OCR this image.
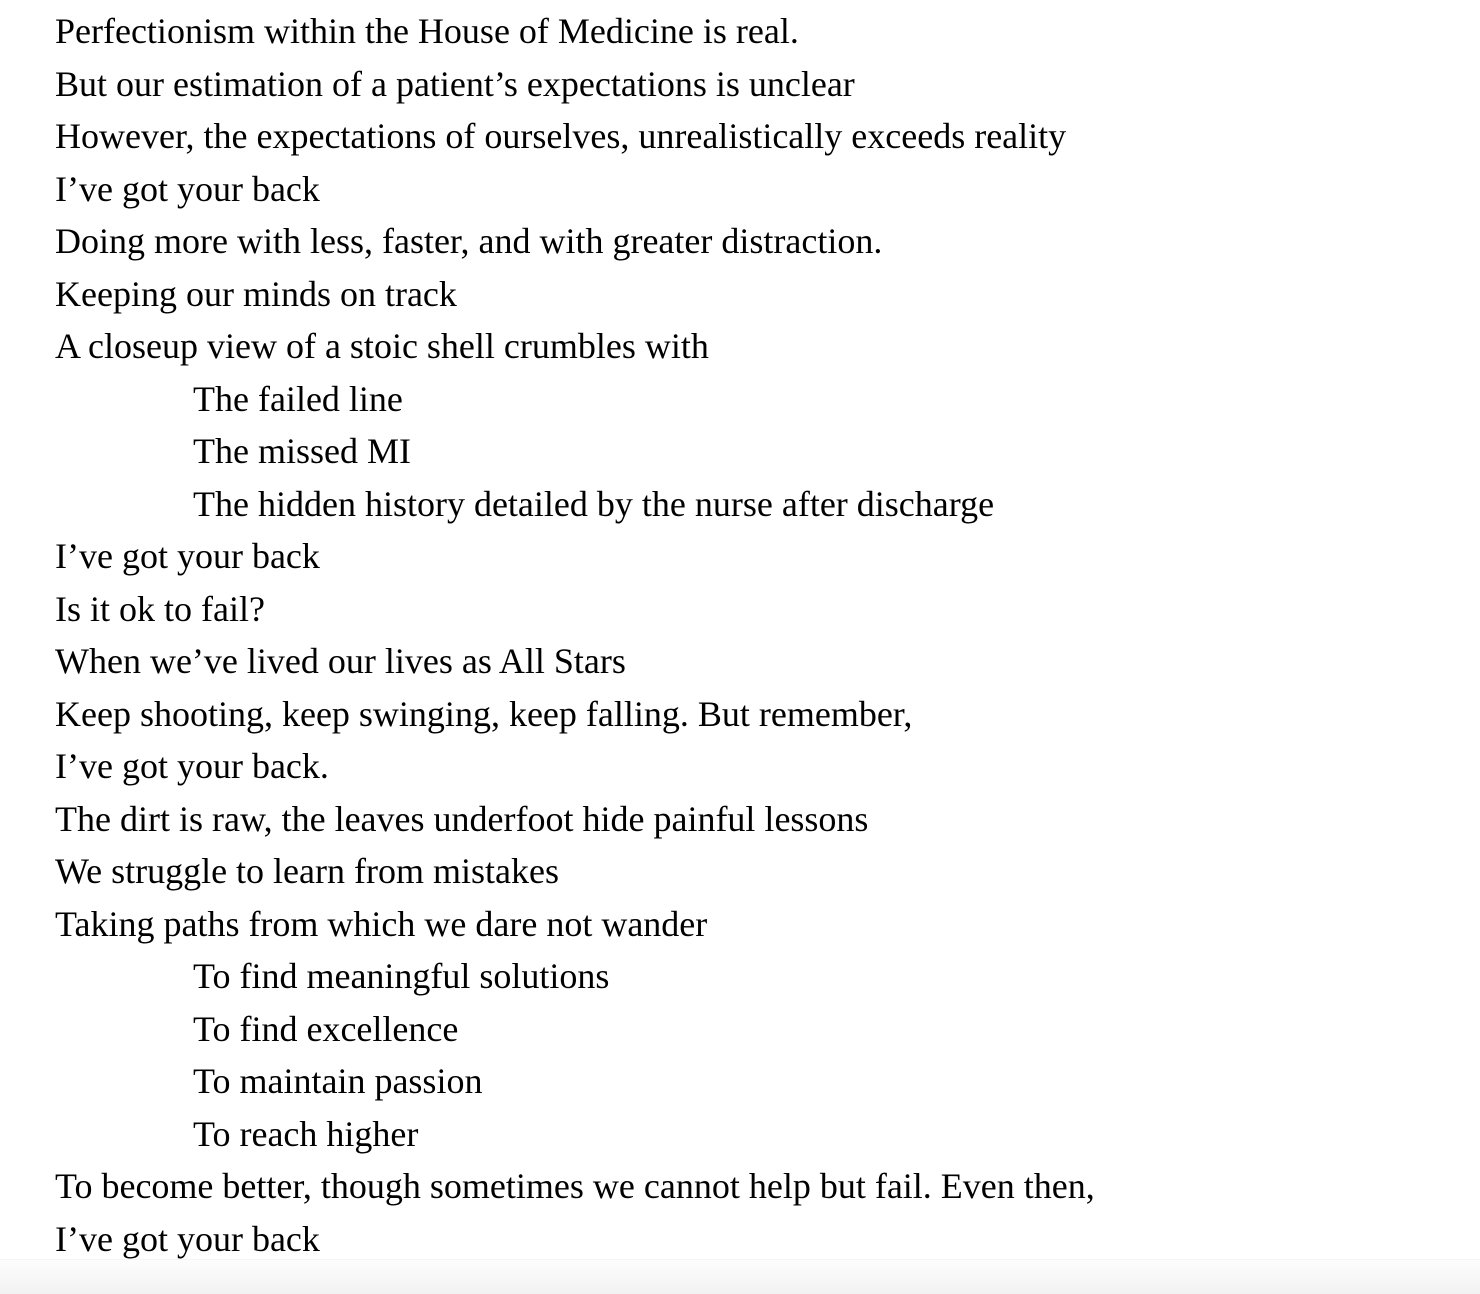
Perfectionism within the House of Medicine is real.
But our estimation of a patient’s expectations is unclear
However, the expectations of ourselves, unrealistically exceeds reality
I’ve got your back
Doing more with less, faster, and with greater distraction.
Keeping our minds on track
A closeup view of a stoic shell crumbles with
The failed line
The missed MI
The hidden history detailed by the nurse after discharge
I’ve got your back
Is it ok to fail?
When we’ve lived our lives as All Stars
Keep shooting, keep swinging, keep falling. But remember,
I’ve got your back.
The dirt is raw, the leaves underfoot hide painful lessons
We struggle to learn from mistakes
Taking paths from which we dare not wander
To find meaningful solutions
To find excellence
To maintain passion
To reach higher
To become better, though sometimes we cannot help but fail. Even then,
I’ve got your back
